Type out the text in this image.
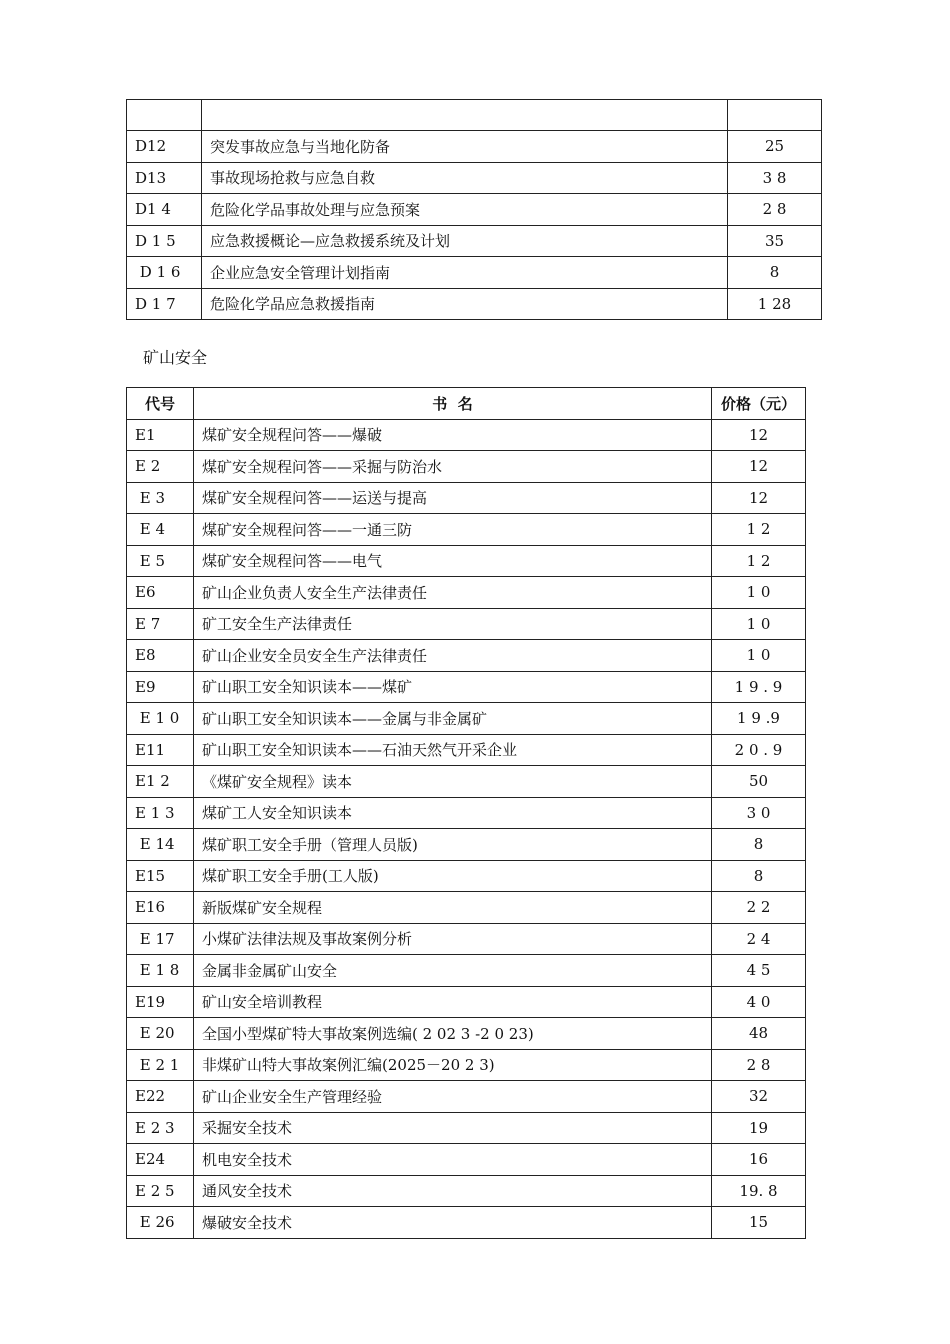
D12	突发事故应急与当地化防备	25
D13	事故现场抢救与应急自救	3 8
D1 4	危险化学品事故处理与应急预案	2 8
D 1 5	应急救援概论—应急救援系统及计划	35
D 1 6	企业应急安全管理计划指南	8
D 1 7	危险化学品应急救援指南	1 28
矿山安全
代号	书  名	价格（元）
E1	煤矿安全规程问答——爆破	12
E 2	煤矿安全规程问答——采掘与防治水	12
E 3	煤矿安全规程问答——运送与提高	12
E 4	煤矿安全规程问答——一通三防	1 2
E 5	煤矿安全规程问答——电气	1 2
E6	矿山企业负责人安全生产法律责任	1 0
E 7	矿工安全生产法律责任	1 0
E8	矿山企业安全员安全生产法律责任	1 0
E9	矿山职工安全知识读本——煤矿	1 9 . 9
E 1 0	矿山职工安全知识读本——金属与非金属矿	1 9 .9
E11	矿山职工安全知识读本——石油天然气开采企业	2 0 . 9
E1 2	《煤矿安全规程》读本	50
E 1 3	煤矿工人安全知识读本	3 0
E 14	煤矿职工安全手册（管理人员版)	8
E15	煤矿职工安全手册(工人版)	8
E16	新版煤矿安全规程	2 2
E 17	小煤矿法律法规及事故案例分析	2 4
E 1 8	金属非金属矿山安全	4 5
E19	矿山安全培训教程	4 0
E 20	全国小型煤矿特大事故案例选编( 2 02 3 -2 0 23)	48
E 2 1	非煤矿山特大事故案例汇编(2025－20 2 3)	2 8
E22	矿山企业安全生产管理经验	32
E 2 3	采掘安全技术	19
E24	机电安全技术	16
E 2 5	通风安全技术	19. 8
E 26	爆破安全技术	15
